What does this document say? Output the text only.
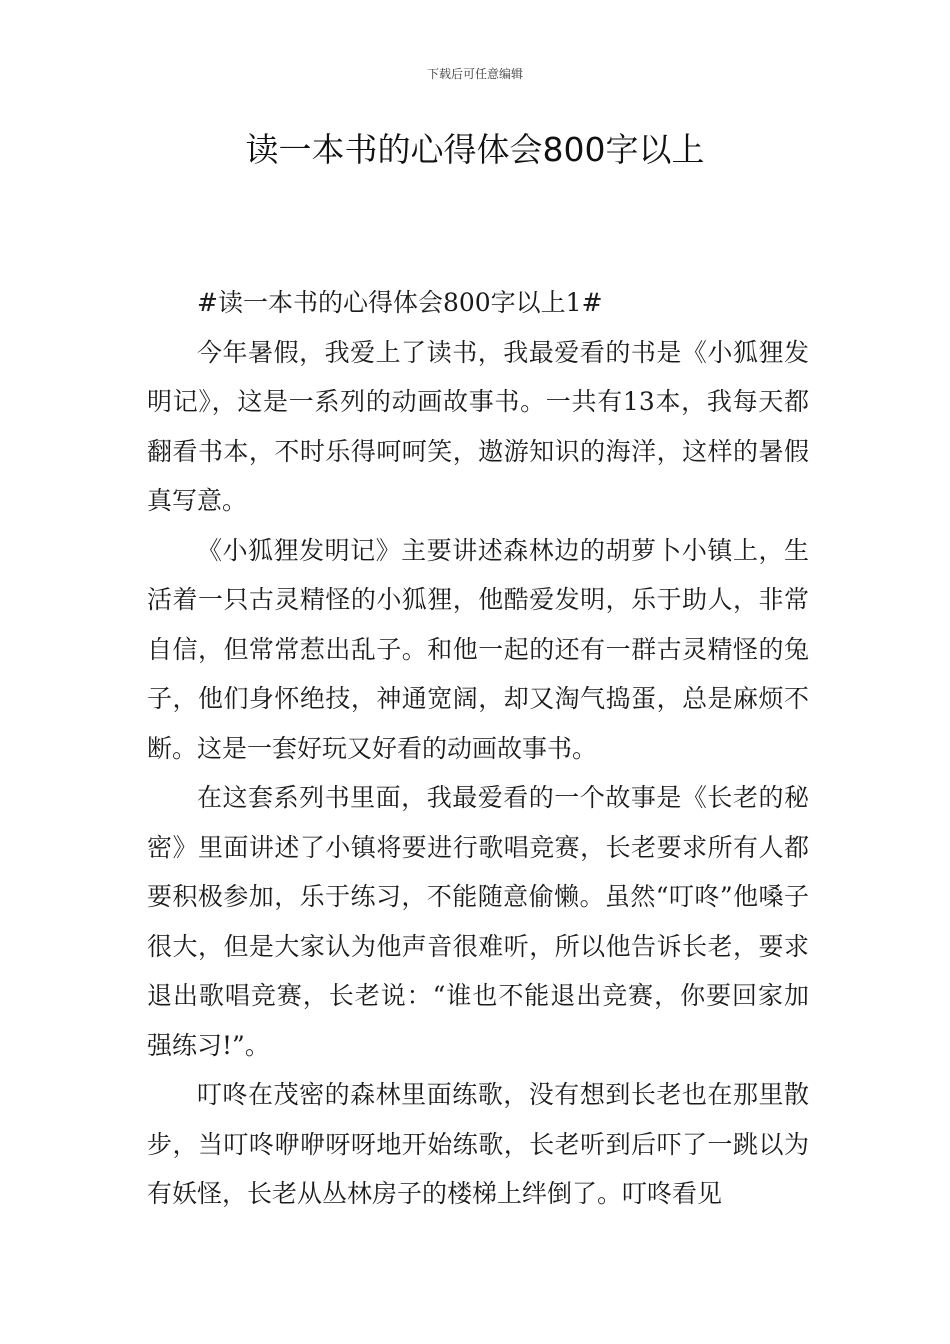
下载后可任意编辑
读一本书的心得体会800字以上

#读一本书的心得体会800字以上1#

今年暑假，我爱上了读书，我最爱看的书是《小狐狸发明记》，这是一系列的动画故事书。一共有13本，我每天都翻看书本，不时乐得呵呵笑，遨游知识的海洋，这样的暑假真写意。

《小狐狸发明记》主要讲述森林边的胡萝卜小镇上，生活着一只古灵精怪的小狐狸，他酷爱发明，乐于助人，非常自信，但常常惹出乱子。和他一起的还有一群古灵精怪的兔子，他们身怀绝技，神通宽阔，却又淘气捣蛋，总是麻烦不断。这是一套好玩又好看的动画故事书。

在这套系列书里面，我最爱看的一个故事是《长老的秘密》里面讲述了小镇将要进行歌唱竞赛，长老要求所有人都要积极参加，乐于练习，不能随意偷懒。虽然“叮咚”他嗓子很大，但是大家认为他声音很难听，所以他告诉长老，要求退出歌唱竞赛，长老说：“谁也不能退出竞赛，你要回家加强练习!”。

叮咚在茂密的森林里面练歌，没有想到长老也在那里散步，当叮咚咿咿呀呀地开始练歌，长老听到后吓了一跳以为有妖怪，长老从丛林房子的楼梯上绊倒了。叮咚看见
